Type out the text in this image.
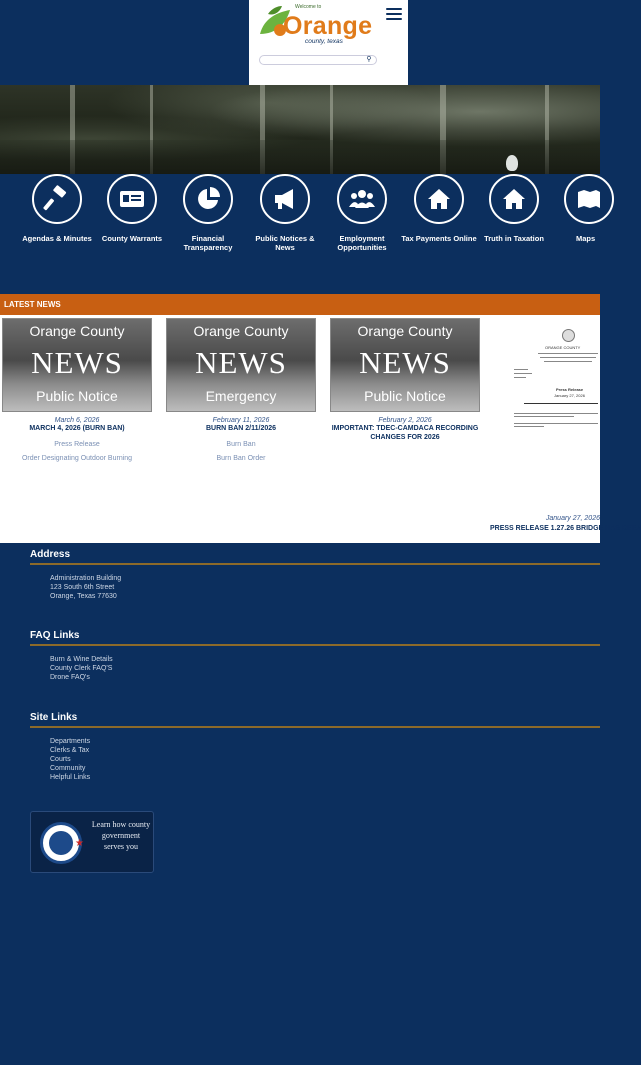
Welcome to
Orange
county, texas
⚲
Agendas & Minutes	County Warrants	Financial Transparency
Public Notices & News
Employment Opportunities
Tax Payments Online Truth in Taxation	Maps
LATEST NEWS
Orange County
NEWS
Public Notice
March 6, 2026
MARCH 4, 2026 (BURN BAN)
Press Release
Order Designating Outdoor Burning
Orange County
NEWS
Emergency
February 11, 2026
BURN BAN 2/11/2026
Burn Ban
Burn Ban Order
Orange County
NEWS
Public Notice
February 2, 2026
IMPORTANT: TDEC-CAMDACA RECORDING CHANGES FOR 2026
ORANGE COUNTY
Press Release
January 27, 2026
January 27, 2026
PRESS RELEASE 1.27.26 BRIDGE HAS BEEN
Address
Administration Building
123 South 6th Street
Orange, Texas 77630
FAQ Links
Burn & Wine Details
County Clerk FAQ'S
Drone FAQ's
Site Links
Departments
Clerks & Tax
Courts
Community
Helpful Links
★
Learn how county government serves you
